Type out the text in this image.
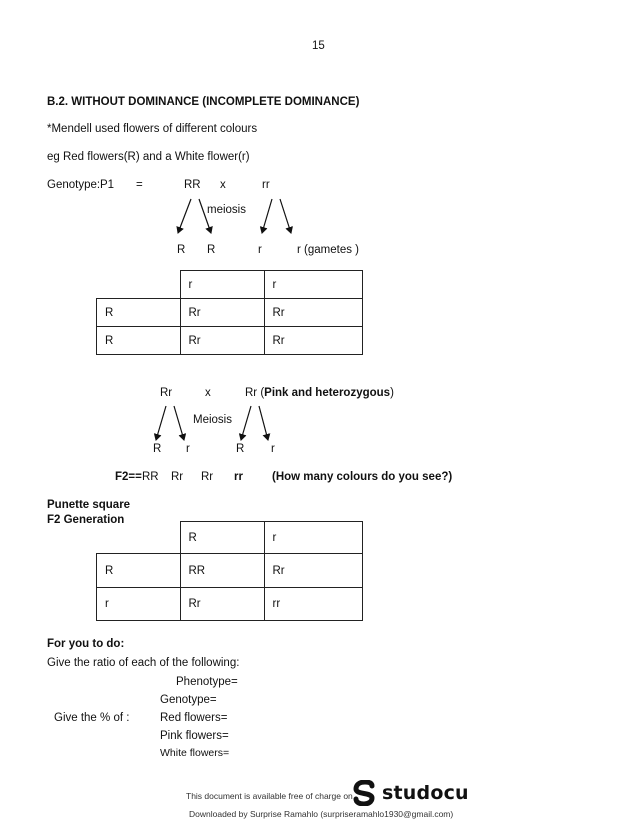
15
B.2. WITHOUT DOMINANCE (INCOMPLETE DOMINANCE)
*Mendell used flowers of different colours
eg Red flowers(R) and a White flower(r)
Genotype: P1 =	RR x	rr
meiosis
R R	r	r (gametes )
	r	r
R	Rr	Rr
R	Rr	Rr
Rr	x	Rr (Pink and heterozygous)
Meiosis
R r	R r
F2== RR Rr Rr rr	(How many colours do you see?)
Punette square
F2 Generation
	R	r
R	RR	Rr
r	Rr	rr
For you to do:
Give the ratio of each of the following:
Phenotype=
Genotype=
Give the % of :	Red flowers=
Pink flowers=
White flowers=
This document is available free of charge on studocu
Downloaded by Surprise Ramahlo (surpriseramahlo1930@gmail.com)
